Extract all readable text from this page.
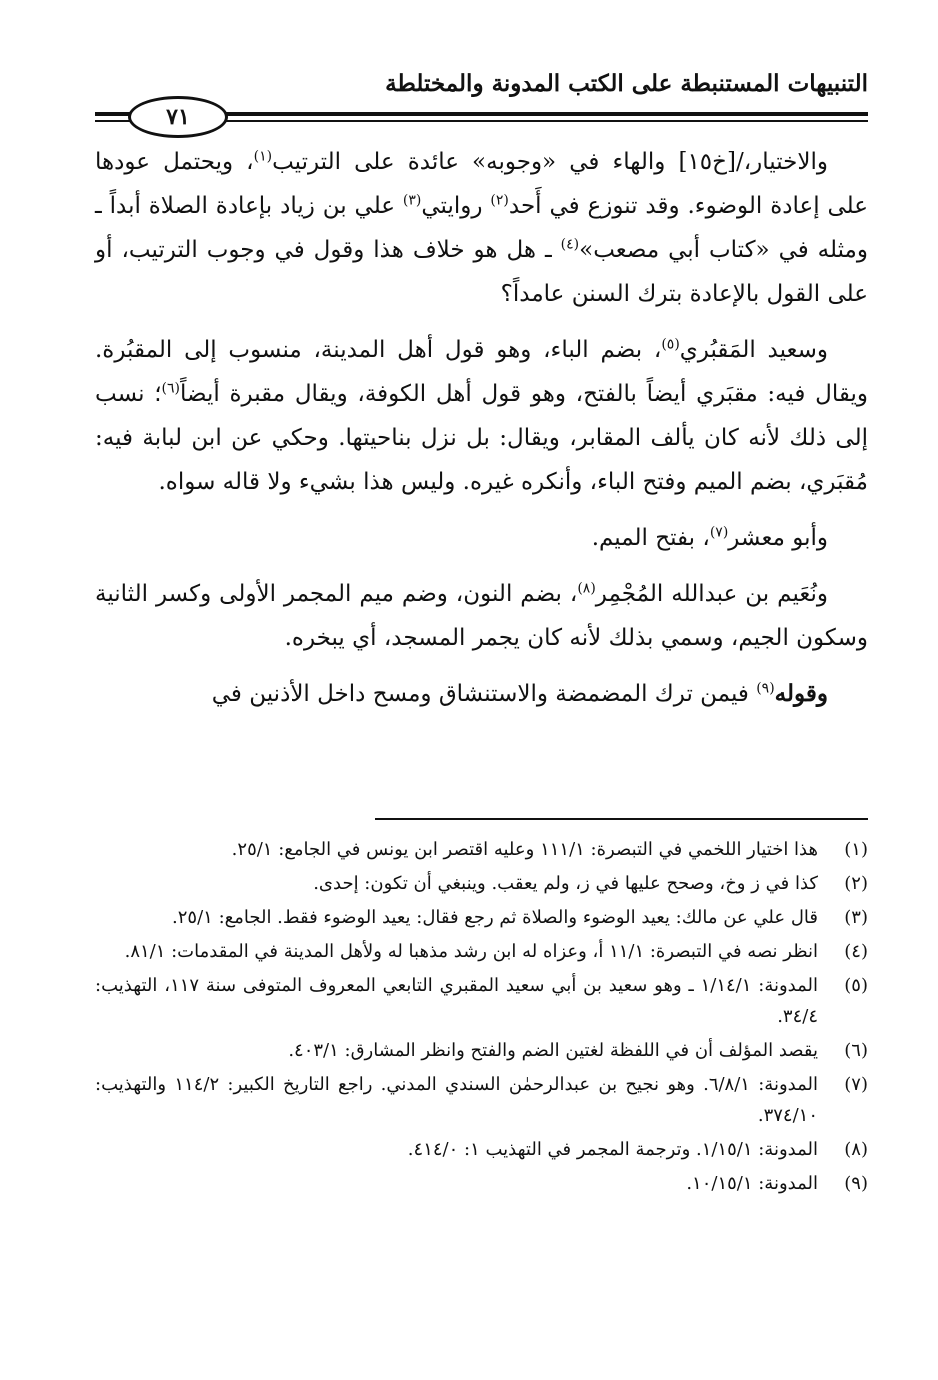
التنبيهات المستنبطة على الكتب المدونة والمختلطة
٧١

والاختيار،/[خ١٥] والهاء في «وجوبه» عائدة على الترتيب$^{(١)}$، ويحتمل عودها على إعادة الوضوء. وقد تنوزع في أَحد$^{(٢)}$ روايتي$^{(٣)}$ علي بن زياد بإعادة الصلاة أبداً ـ ومثله في «كتاب أبي مصعب»$^{(٤)}$ ـ هل هو خلاف هذا وقول في وجوب الترتيب، أو على القول بالإعادة بترك السنن عامداً؟

وسعيد المَقبُري$^{(٥)}$، بضم الباء، وهو قول أهل المدينة، منسوب إلى المقبُرة. ويقال فيه: مقبَري أيضاً بالفتح، وهو قول أهل الكوفة، ويقال مقبرة أيضاً$^{(٦)}$؛ نسب إلى ذلك لأنه كان يألف المقابر، ويقال: بل نزل بناحيتها. وحكي عن ابن لبابة فيه: مُقبَري، بضم الميم وفتح الباء، وأنكره غيره. وليس هذا بشيء ولا قاله سواه.

وأبو معشر$^{(٧)}$، بفتح الميم.

ونُعَيم بن عبدالله المُجْمِر$^{(٨)}$، بضم النون، وضم ميم المجمر الأولى وكسر الثانية وسكون الجيم، وسمي بذلك لأنه كان يجمر المسجد، أي يبخره.

وقوله$^{(٩)}$ فيمن ترك المضمضة والاستنشاق ومسح داخل الأذنين في

(١)
هذا اختيار اللخمي في التبصرة: ١١١/١ وعليه اقتصر ابن يونس في الجامع: ٢٥/١.
(٢)
كذا في ز وخ، وصحح عليها في ز، ولم يعقب. وينبغي أن تكون: إحدى.
(٣)
قال علي عن مالك: يعيد الوضوء والصلاة ثم رجع فقال: يعيد الوضوء فقط. الجامع: ٢٥/١.
(٤)
انظر نصه في التبصرة: ١١/١ أ، وعزاه له ابن رشد مذهبا له ولأهل المدينة في المقدمات: ٨١/١.
(٥)
المدونة: ١/١٤/١ ـ وهو سعيد بن أبي سعيد المقبري التابعي المعروف المتوفى سنة ١١٧، التهذيب: ٣٤/٤.
(٦)
يقصد المؤلف أن في اللفظة لغتين الضم والفتح وانظر المشارق: ٤٠٣/١.
(٧)
المدونة: ٦/٨/١. وهو نجيح بن عبدالرحمٰن السندي المدني. راجع التاريخ الكبير: ١١٤/٢ والتهذيب: ٣٧٤/١٠.
(٨)
المدونة: ١/١٥/١. وترجمة المجمر في التهذيب ١: ٤١٤/٠.
(٩)
المدونة: ١٠/١٥/١.
